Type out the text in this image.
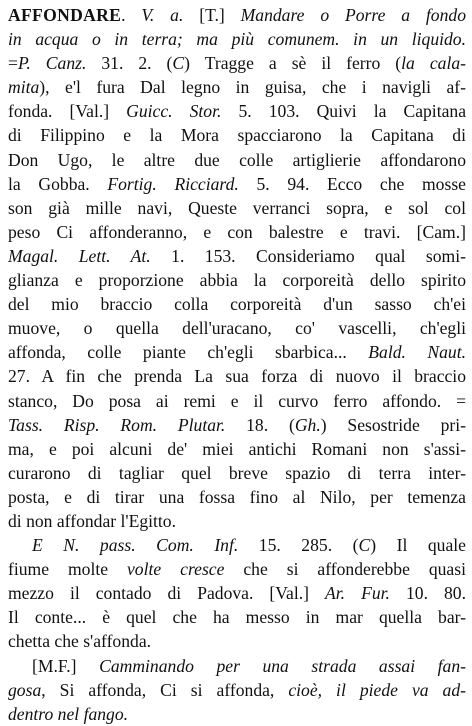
AFFONDARE. V. a. [T.] Mandare o Porre a fondo
in acqua o in terra; ma più comunem. in un liquido.
=P. Canz. 31. 2. (C) Tragge a sè il ferro (la cala-
mita), e'l fura Dal legno in guisa, che i navigli af-
fonda. [Val.] Guicc. Stor. 5. 103. Quivi la Capitana
di Filippino e la Mora spacciarono la Capitana di
Don Ugo, le altre due colle artiglierie affondarono
la Gobba. Fortig. Ricciard. 5. 94. Ecco che mosse
son già mille navi, Queste verranci sopra, e sol col
peso Ci affonderanno, e con balestre e travi. [Cam.]
Magal. Lett. At. 1. 153. Consideriamo qual somi-
glianza e proporzione abbia la corporeità dello spirito
del mio braccio colla corporeità d'un sasso ch'ei
muove, o quella dell'uracano, co' vascelli, ch'egli
affonda, colle piante ch'egli sbarbica... Bald. Naut.
27. A fin che prenda La sua forza di nuovo il braccio
stanco, Do posa ai remi e il curvo ferro affondo. =
Tass. Risp. Rom. Plutar. 18. (Gh.) Sesostride pri-
ma, e poi alcuni de' miei antichi Romani non s'assi-
curarono di tagliar quel breve spazio di terra inter-
posta, e di tirar una fossa fino al Nilo, per temenza
di non affondar l'Egitto.
E N. pass. Com. Inf. 15. 285. (C) Il quale
fiume molte volte cresce che si affonderebbe quasi
mezzo il contado di Padova. [Val.] Ar. Fur. 10. 80.
Il conte... è quel che ha messo in mar quella bar-
chetta che s'affonda.
[M.F.] Camminando per una strada assai fan-
gosa, Si affonda, Ci si affonda, cioè, il piede va ad-
dentro nel fango.
